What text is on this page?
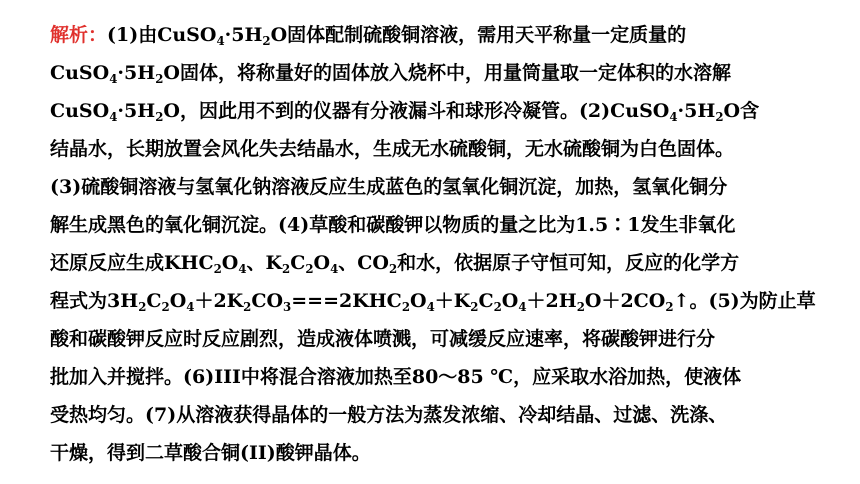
解析：(1)由$CuSO_4\cdot 5H_2O$固体配制硫酸铜溶液，需用天平称量一定质量的
$CuSO_4\cdot 5H_2O$固体，将称量好的固体放入烧杯中，用量筒量取一定体积的水溶解
$CuSO_4\cdot 5H_2O$，因此用不到的仪器有分液漏斗和球形冷凝管。$(2)CuSO_4\cdot 5H_2O$含
结晶水，长期放置会风化失去结晶水，生成无水硫酸铜，无水硫酸铜为白色固体。
(3)硫酸铜溶液与氢氧化钠溶液反应生成蓝色的氢氧化铜沉淀，加热，氢氧化铜分
解生成黑色的氧化铜沉淀。(4)草酸和碳酸钾以物质的量之比为1.5∶1发生非氧化
还原反应生成$KHC_2O_4$、$K_2C_2O_4$、$CO_2$和水，依据原子守恒可知，反应的化学方
程式为$3H_2C_2O_4+2K_2CO_3===2KHC_2O_4+K_2C_2O_4+2H_2O+2CO_2↑$。(5)为防止草
酸和碳酸钾反应时反应剧烈，造成液体喷溅，可减缓反应速率，将碳酸钾进行分
批加入并搅拌。(6)III中将混合溶液加热至80～85 ℃，应采取水浴加热，使液体
受热均匀。(7)从溶液获得晶体的一般方法为蒸发浓缩、冷却结晶、过滤、洗涤、
干燥，得到二草酸合铜(II)酸钾晶体。
